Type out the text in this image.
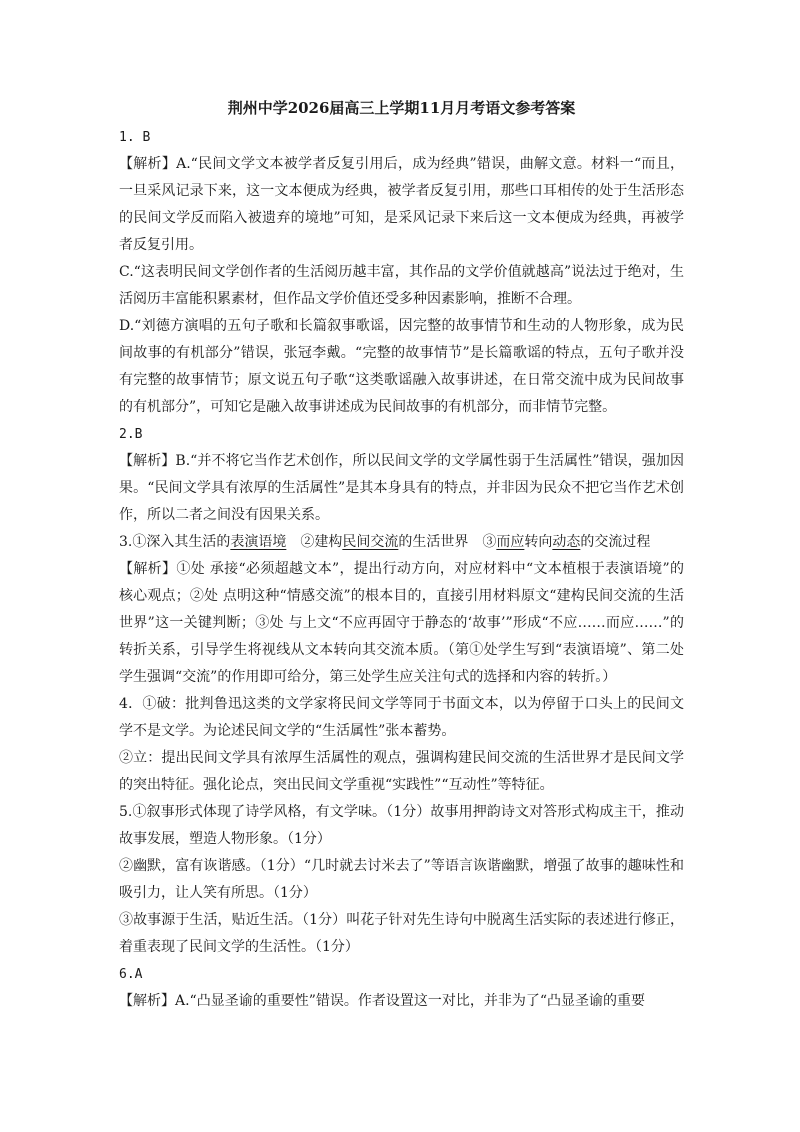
荆州中学2026届高三上学期11月月考语文参考答案

1. B

【解析】A.“民间文学文本被学者反复引用后，成为经典”错误，曲解文意。材料一“而且，一旦采风记录下来，这一文本便成为经典，被学者反复引用，那些口耳相传的处于生活形态的民间文学反而陷入被遗弃的境地”可知，是采风记录下来后这一文本便成为经典，再被学者反复引用。

C.“这表明民间文学创作者的生活阅历越丰富，其作品的文学价值就越高”说法过于绝对，生活阅历丰富能积累素材，但作品文学价值还受多种因素影响，推断不合理。

D.“刘德方演唱的五句子歌和长篇叙事歌谣，因完整的故事情节和生动的人物形象，成为民间故事的有机部分”错误，张冠李戴。“完整的故事情节”是长篇歌谣的特点，五句子歌并没有完整的故事情节；原文说五句子歌“这类歌谣融入故事讲述，在日常交流中成为民间故事的有机部分”，可知它是融入故事讲述成为民间故事的有机部分，而非情节完整。

2.B

【解析】B.“并不将它当作艺术创作，所以民间文学的文学属性弱于生活属性”错误，强加因果。“民间文学具有浓厚的生活属性”是其本身具有的特点，并非因为民众不把它当作艺术创作，所以二者之间没有因果关系。

3.①深入其生活的表演语境　②建构民间交流的生活世界　③而应转向动态的交流过程

【解析】①处 承接“必须超越文本”，提出行动方向，对应材料中“文本植根于表演语境”的核心观点；②处 点明这种“情感交流”的根本目的，直接引用材料原文“建构民间交流的生活世界”这一关键判断；③处 与上文“不应再固守于静态的‘故事’”形成“不应……而应……”的转折关系，引导学生将视线从文本转向其交流本质。（第①处学生写到“表演语境”、第二处学生强调“交流”的作用即可给分，第三处学生应关注句式的选择和内容的转折。）

4．①破：批判鲁迅这类的文学家将民间文学等同于书面文本，以为停留于口头上的民间文学不是文学。为论述民间文学的“生活属性”张本蓄势。

②立：提出民间文学具有浓厚生活属性的观点，强调构建民间交流的生活世界才是民间文学的突出特征。强化论点，突出民间文学重视“实践性”“互动性”等特征。

5.①叙事形式体现了诗学风格，有文学味。（1分）故事用押韵诗文对答形式构成主干，推动故事发展，塑造人物形象。（1分）

②幽默，富有诙谐感。（1分）“几时就去讨米去了”等语言诙谐幽默，增强了故事的趣味性和吸引力，让人笑有所思。（1分）

③故事源于生活，贴近生活。（1分）叫花子针对先生诗句中脱离生活实际的表述进行修正，着重表现了民间文学的生活性。（1分）

6.A

【解析】A.“凸显圣谕的重要性”错误。作者设置这一对比，并非为了“凸显圣谕的重要
